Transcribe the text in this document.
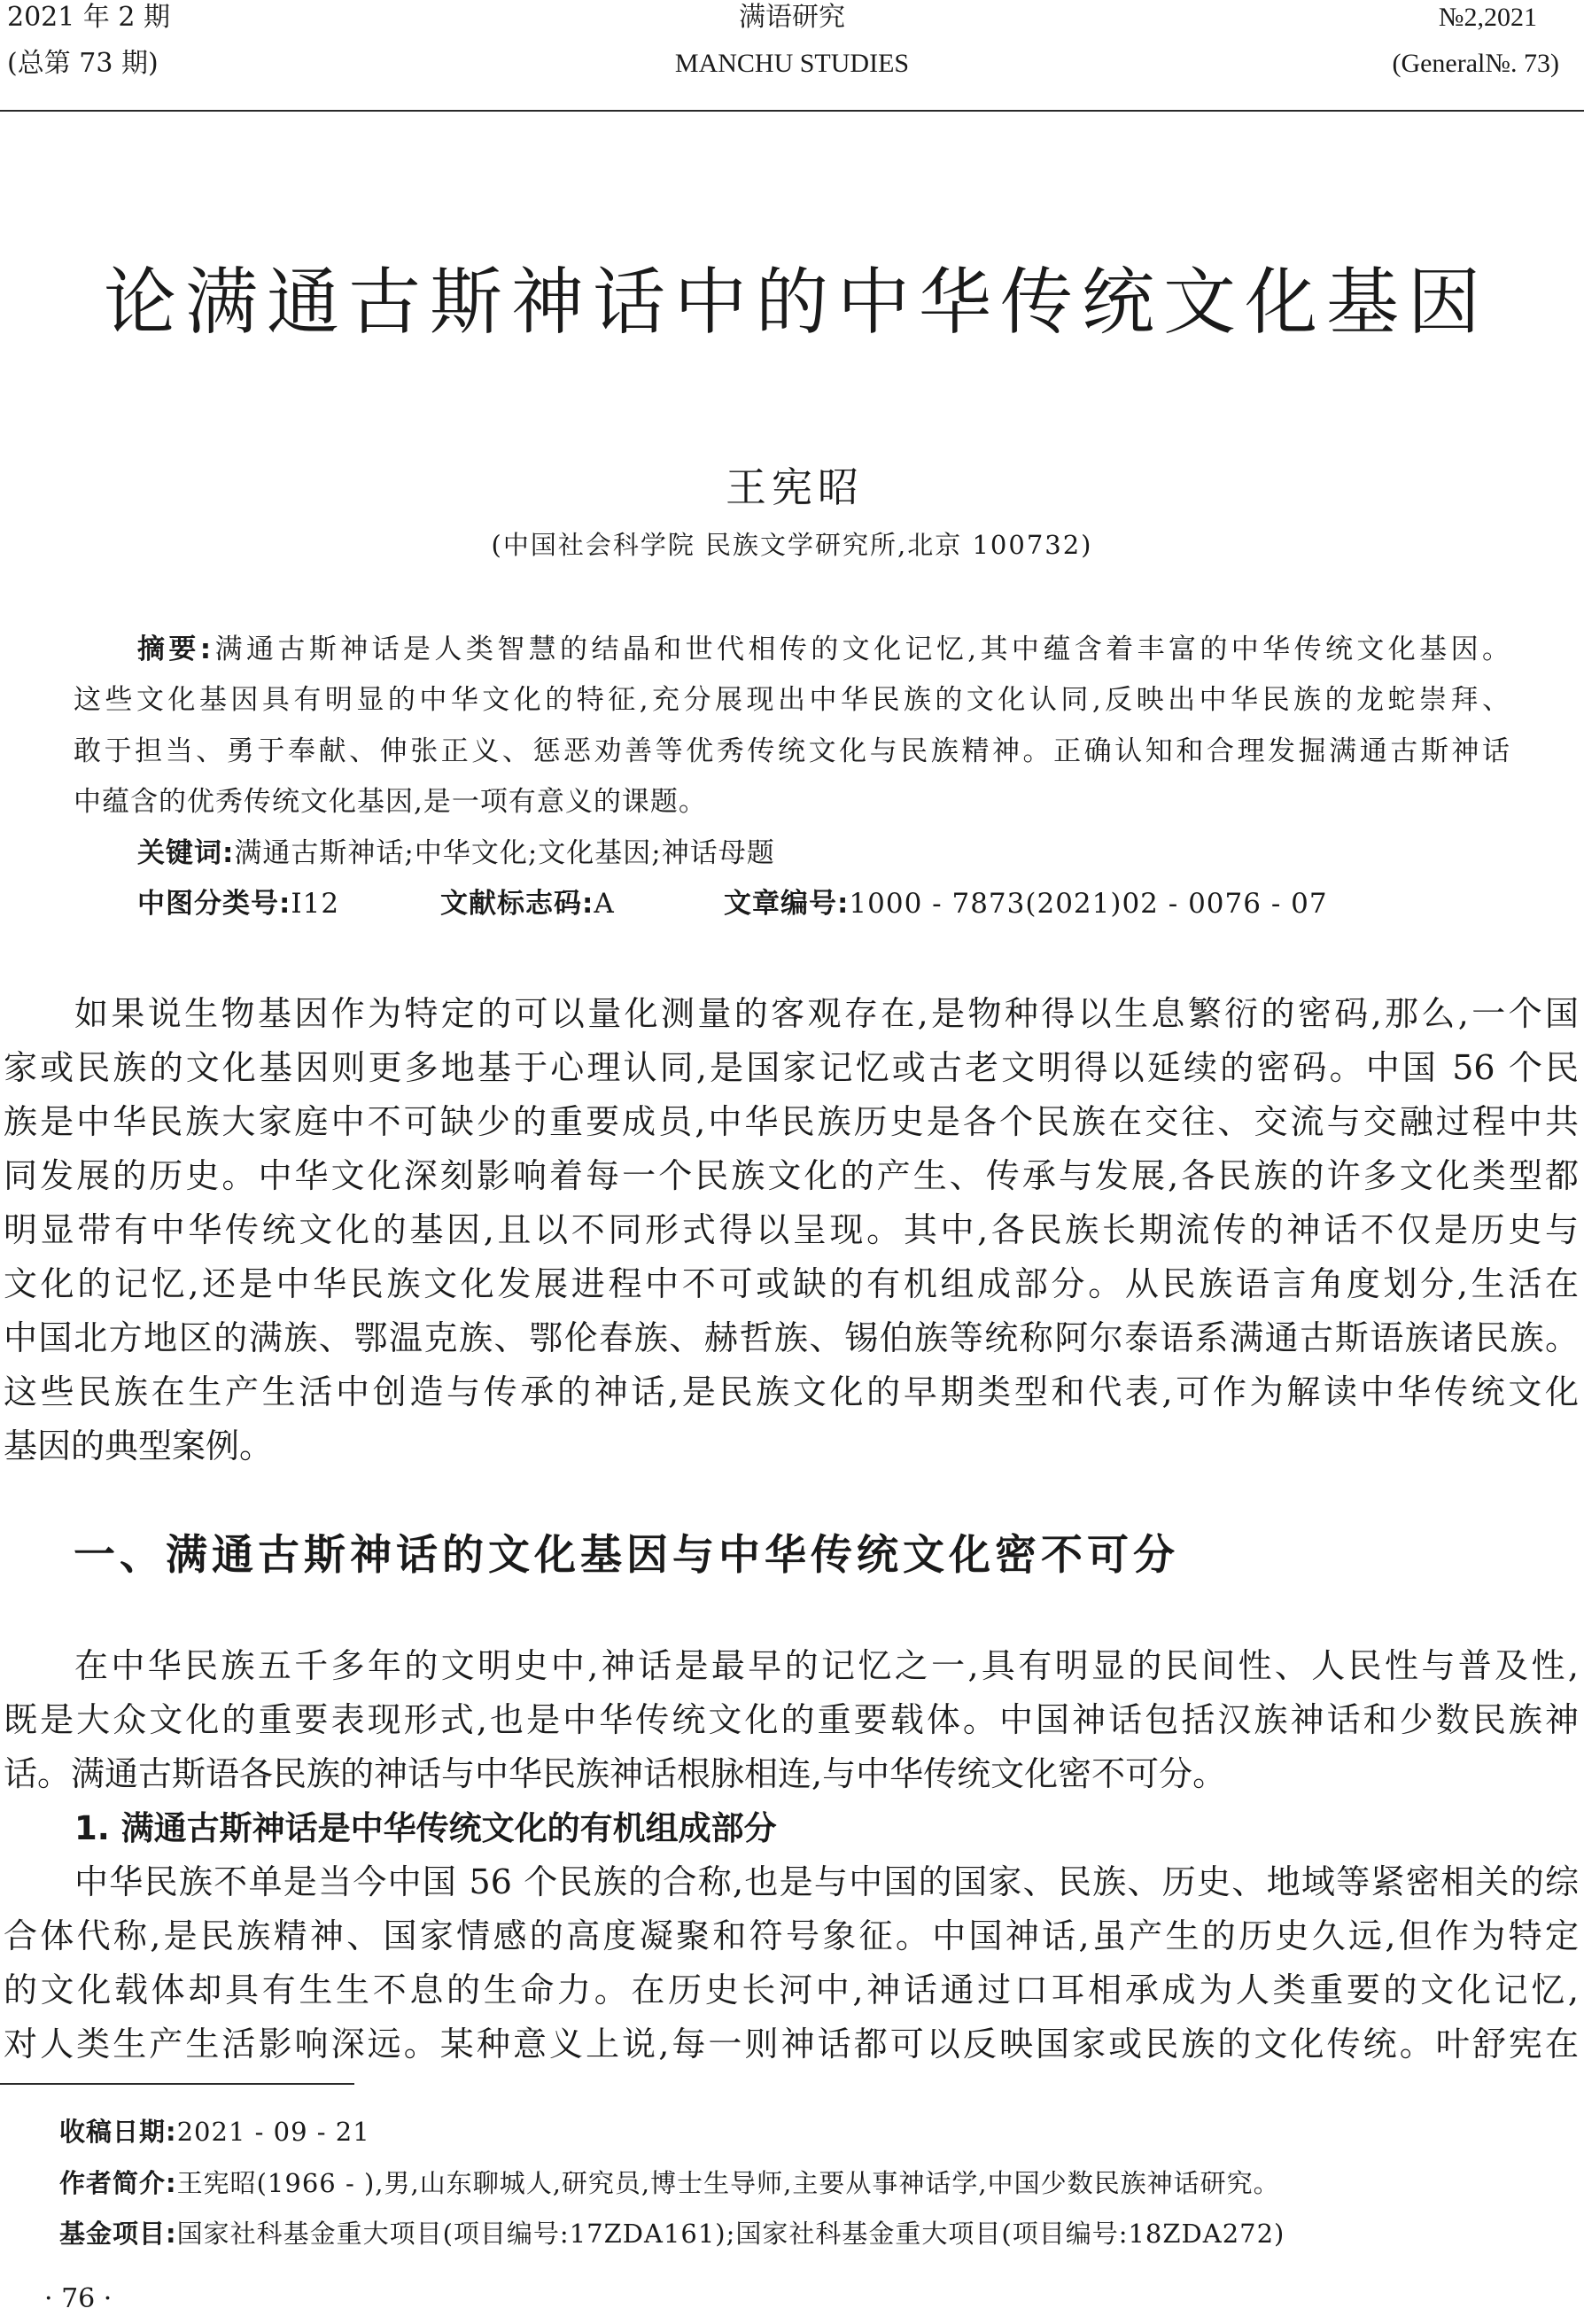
2021 年 2 期
(总第 73 期)
满语研究
MANCHU STUDIES
№2,2021
(General№. 73)
论满通古斯神话中的中华传统文化基因
王宪昭
(中国社会科学院 民族文学研究所,北京 100732)
摘要:满通古斯神话是人类智慧的结晶和世代相传的文化记忆,其中蕴含着丰富的中华传统文化基因。
这些文化基因具有明显的中华文化的特征,充分展现出中华民族的文化认同,反映出中华民族的龙蛇崇拜、
敢于担当、勇于奉献、伸张正义、惩恶劝善等优秀传统文化与民族精神。正确认知和合理发掘满通古斯神话
中蕴含的优秀传统文化基因,是一项有意义的课题。
关键词:满通古斯神话;中华文化;文化基因;神话母题
中图分类号:I12	文献标志码:A	文章编号:1000 - 7873(2021)02 - 0076 - 07
如果说生物基因作为特定的可以量化测量的客观存在,是物种得以生息繁衍的密码,那么,一个国
家或民族的文化基因则更多地基于心理认同,是国家记忆或古老文明得以延续的密码。中国 56 个民
族是中华民族大家庭中不可缺少的重要成员,中华民族历史是各个民族在交往、交流与交融过程中共
同发展的历史。中华文化深刻影响着每一个民族文化的产生、传承与发展,各民族的许多文化类型都
明显带有中华传统文化的基因,且以不同形式得以呈现。其中,各民族长期流传的神话不仅是历史与
文化的记忆,还是中华民族文化发展进程中不可或缺的有机组成部分。从民族语言角度划分,生活在
中国北方地区的满族、鄂温克族、鄂伦春族、赫哲族、锡伯族等统称阿尔泰语系满通古斯语族诸民族。
这些民族在生产生活中创造与传承的神话,是民族文化的早期类型和代表,可作为解读中华传统文化
基因的典型案例。
一、满通古斯神话的文化基因与中华传统文化密不可分
在中华民族五千多年的文明史中,神话是最早的记忆之一,具有明显的民间性、人民性与普及性,
既是大众文化的重要表现形式,也是中华传统文化的重要载体。中国神话包括汉族神话和少数民族神
话。满通古斯语各民族的神话与中华民族神话根脉相连,与中华传统文化密不可分。
1. 满通古斯神话是中华传统文化的有机组成部分
中华民族不单是当今中国 56 个民族的合称,也是与中国的国家、民族、历史、地域等紧密相关的综
合体代称,是民族精神、国家情感的高度凝聚和符号象征。中国神话,虽产生的历史久远,但作为特定
的文化载体却具有生生不息的生命力。在历史长河中,神话通过口耳相承成为人类重要的文化记忆,
对人类生产生活影响深远。某种意义上说,每一则神话都可以反映国家或民族的文化传统。叶舒宪在
收稿日期:2021 - 09 - 21
作者简介:王宪昭(1966 - ),男,山东聊城人,研究员,博士生导师,主要从事神话学,中国少数民族神话研究。
基金项目:国家社科基金重大项目(项目编号:17ZDA161);国家社科基金重大项目(项目编号:18ZDA272)
· 76 ·
